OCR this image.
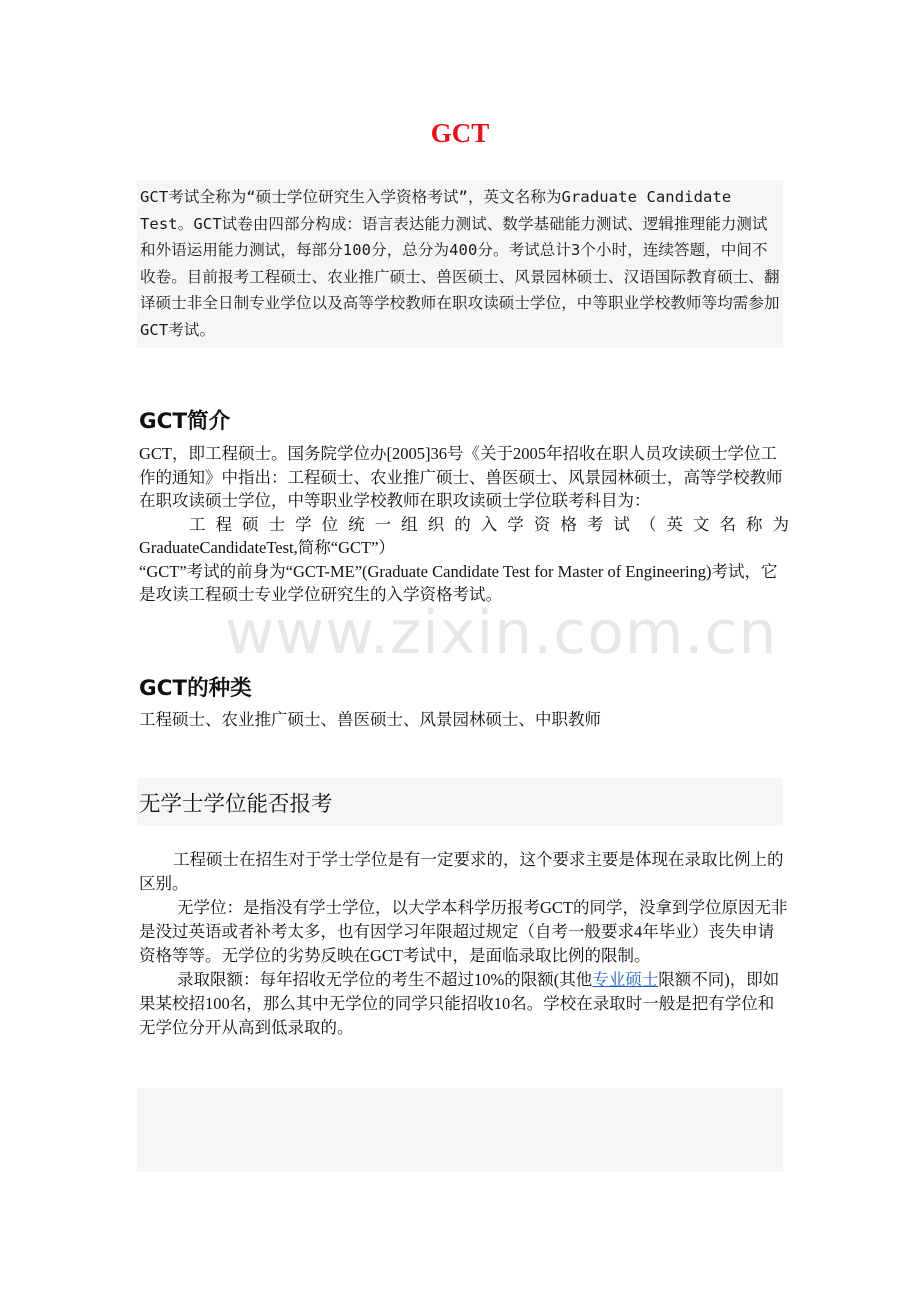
GCT

GCT考试全称为“硕士学位研究生入学资格考试”，英文名称为Graduate Candidate Test。GCT试卷由四部分构成：语言表达能力测试、数学基础能力测试、逻辑推理能力测试和外语运用能力测试，每部分100分，总分为400分。考试总计3个小时，连续答题，中间不收卷。目前报考工程硕士、农业推广硕士、兽医硕士、风景园林硕士、汉语国际教育硕士、翻译硕士非全日制专业学位以及高等学校教师在职攻读硕士学位，中等职业学校教师等均需参加GCT考试。

GCT简介

GCT，即工程硕士。国务院学位办[2005]36号《关于2005年招收在职人员攻读硕士学位工作的通知》中指出：工程硕士、农业推广硕士、兽医硕士、风景园林硕士，高等学校教师在职攻读硕士学位，中等职业学校教师在职攻读硕士学位联考科目为：

工程硕士学位统一组织的入学资格考试（英文名称为

GraduateCandidateTest,简称“GCT”）

“GCT”考试的前身为“GCT-ME”(Graduate Candidate Test for Master of Engineering)考试，它是攻读工程硕士专业学位研究生的入学资格考试。

GCT的种类
工程硕士、农业推广硕士、兽医硕士、风景园林硕士、中职教师
无学士学位能否报考

工程硕士在招生对于学士学位是有一定要求的，这个要求主要是体现在录取比例上的区别。

无学位：是指没有学士学位，以大学本科学历报考GCT的同学，没拿到学位原因无非是没过英语或者补考太多，也有因学习年限超过规定（自考一般要求4年毕业）丧失申请资格等等。无学位的劣势反映在GCT考试中，是面临录取比例的限制。

录取限额：每年招收无学位的考生不超过10%的限额(其他专业硕士限额不同)，即如果某校招100名，那么其中无学位的同学只能招收10名。学校在录取时一般是把有学位和无学位分开从高到低录取的。

www.zixin.com.cn
